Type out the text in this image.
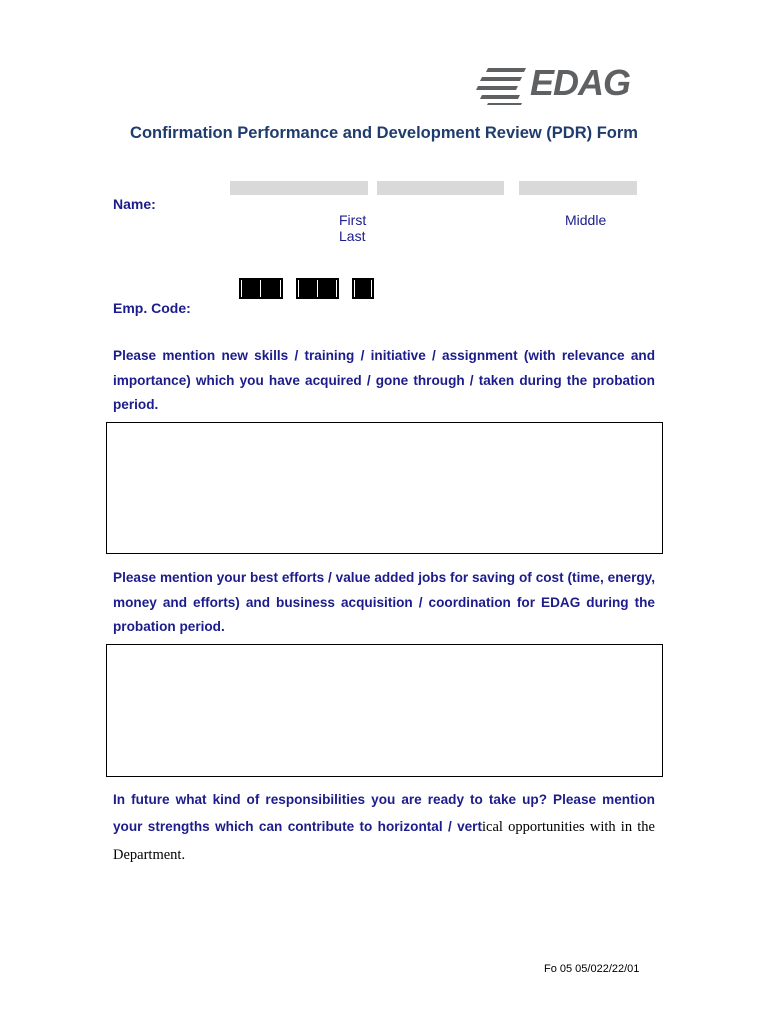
EDAG
Confirmation Performance and Development Review (PDR) Form
Name:
First	Middle
Last
Emp. Code:
Please mention new skills / training / initiative / assignment (with relevance and importance) which you have acquired / gone through / taken during the probation period.
Please mention your best efforts / value added jobs for saving of cost (time, energy, money and efforts) and business acquisition / coordination for EDAG during the probation period.
In future what kind of responsibilities you are ready to take up? Please mention your strengths which can contribute to horizontal / vertical opportunities with in the Department.
Fo 05 05/022/22/01
